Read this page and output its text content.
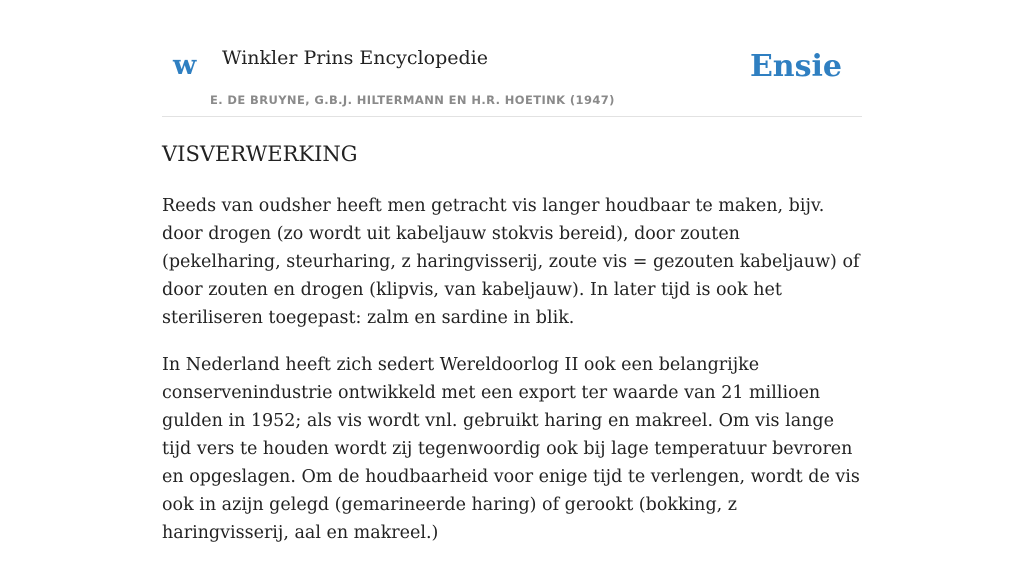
w Winkler Prins Encyclopedie
E. DE BRUYNE, G.B.J. HILTERMANN EN H.R. HOETINK (1947)
Ensie
VISVERWERKING

Reeds van oudsher heeft men getracht vis langer houdbaar te maken, bijv. door drogen (zo wordt uit kabeljauw stokvis bereid), door zouten (pekelharing, steurharing, z haringvisserij, zoute vis = gezouten kabeljauw) of door zouten en drogen (klipvis, van kabeljauw). In later tijd is ook het steriliseren toegepast: zalm en sardine in blik.

In Nederland heeft zich sedert Wereldoorlog II ook een belangrijke conservenindustrie ontwikkeld met een export ter waarde van 21 millioen gulden in 1952; als vis wordt vnl. gebruikt haring en makreel. Om vis lange tijd vers te houden wordt zij tegenwoordig ook bij lage temperatuur bevroren en opgeslagen. Om de houdbaarheid voor enige tijd te verlengen, wordt de vis ook in azijn gelegd (gemarineerde haring) of gerookt (bokking, z haringvisserij, aal en makreel.)
